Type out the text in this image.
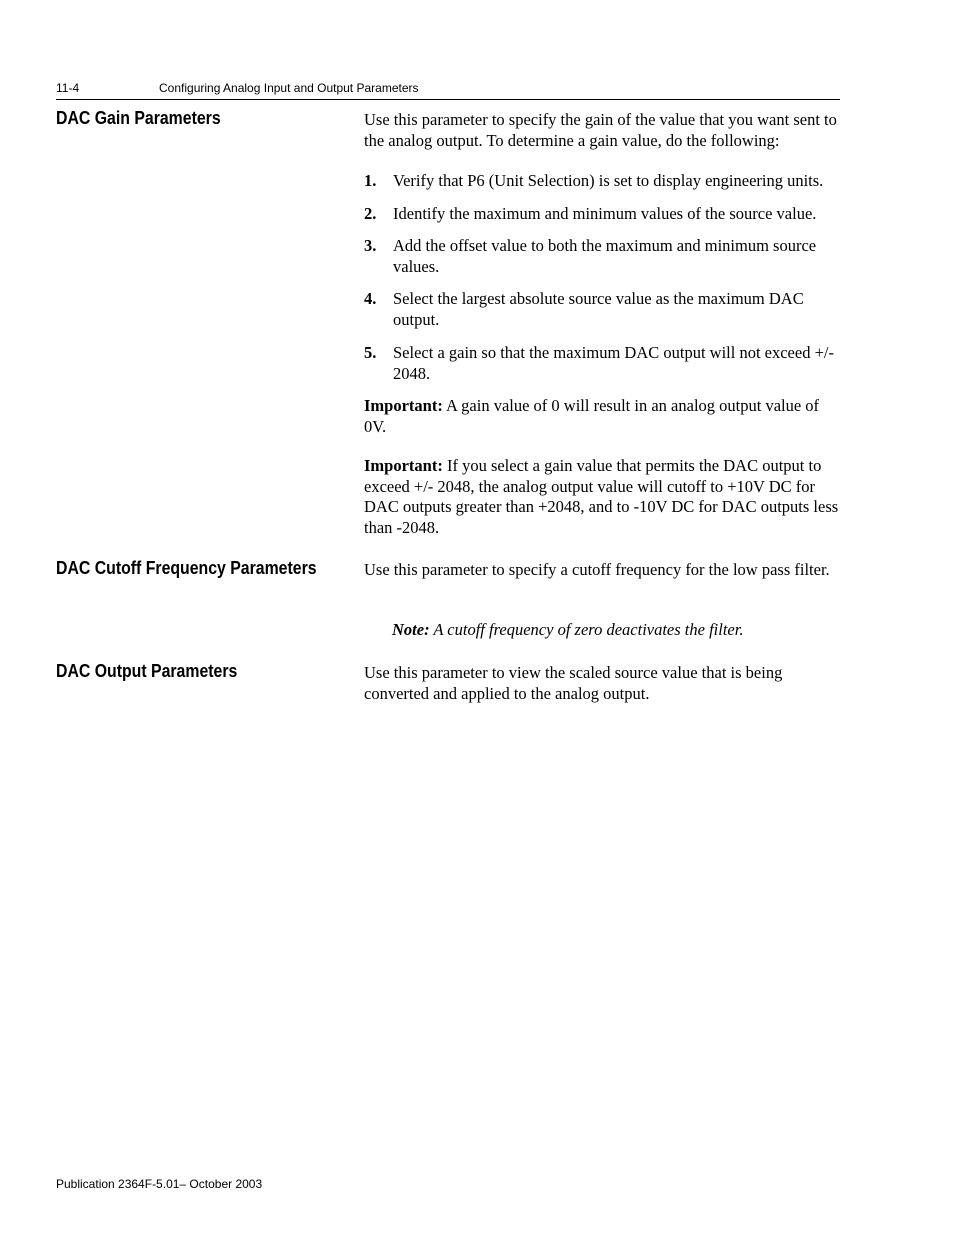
11-4	Configuring Analog Input and Output Parameters
DAC Gain Parameters	Use this parameter to specify the gain of the value that you want sent to the analog output. To determine a gain value, do the following:

1. Verify that P6 (Unit Selection) is set to display engineering units.
2. Identify the maximum and minimum values of the source value.
3. Add the offset value to both the maximum and minimum source values.
4. Select the largest absolute source value as the maximum DAC output.
5. Select a gain so that the maximum DAC output will not exceed +/- 2048.

Important: A gain value of 0 will result in an analog output value of 0V.

Important: If you select a gain value that permits the DAC output to exceed +/- 2048, the analog output value will cutoff to +10V DC for DAC outputs greater than +2048, and to -10V DC for DAC outputs less than -2048.

DAC Cutoff Frequency Parameters	Use this parameter to specify a cutoff frequency for the low pass filter.

Note: A cutoff frequency of zero deactivates the filter.
DAC Output Parameters	Use this parameter to view the scaled source value that is being converted and applied to the analog output.

Publication 2364F-5.01– October 2003
